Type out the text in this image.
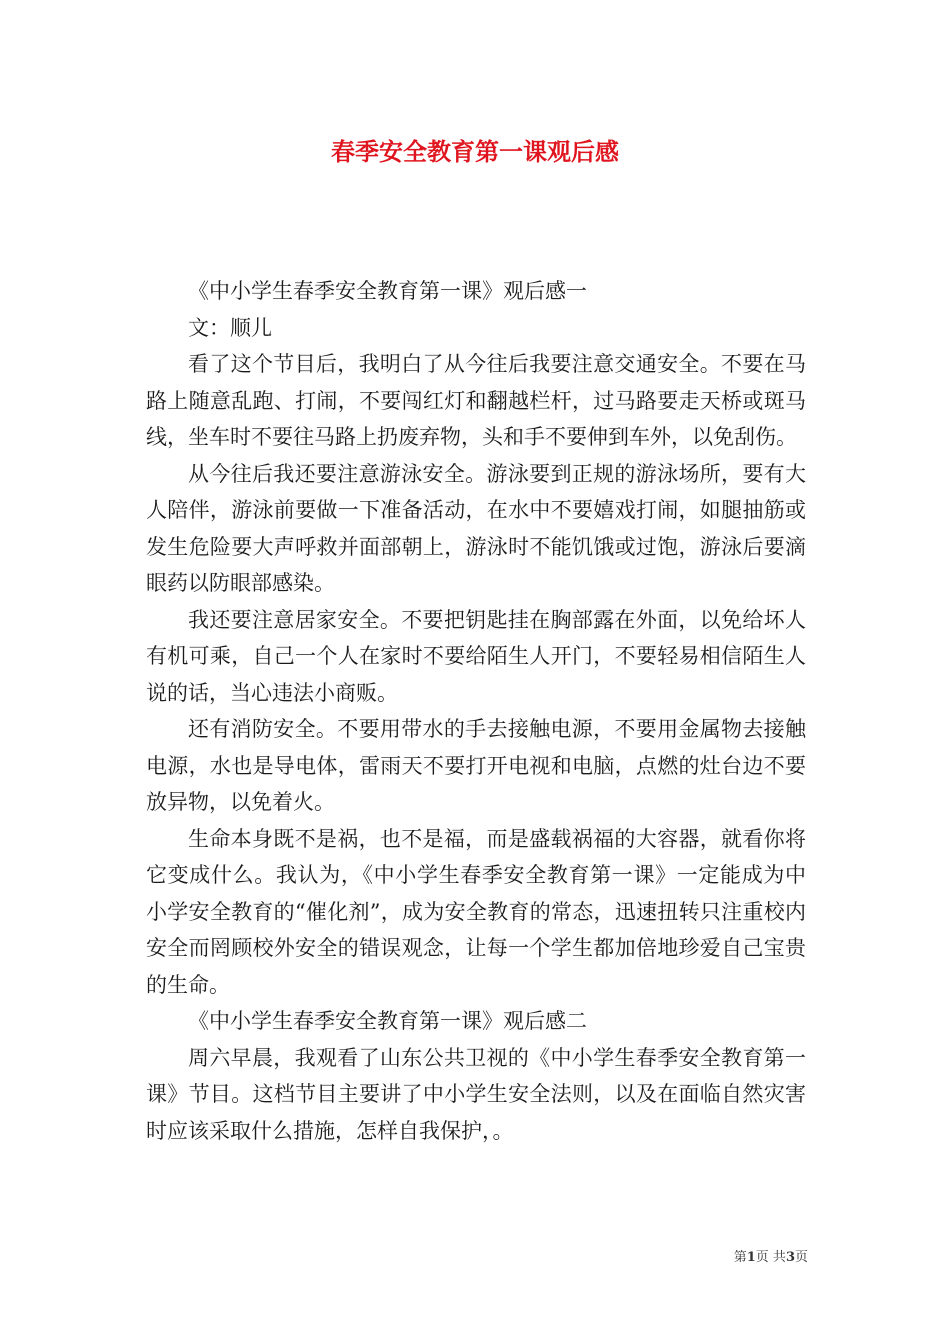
春季安全教育第一课观后感

《中小学生春季安全教育第一课》观后感一

文：顺儿

看了这个节目后，我明白了从今往后我要注意交通安全。不要在马路上随意乱跑、打闹，不要闯红灯和翻越栏杆，过马路要走天桥或斑马线，坐车时不要往马路上扔废弃物，头和手不要伸到车外，以免刮伤。

从今往后我还要注意游泳安全。游泳要到正规的游泳场所，要有大人陪伴，游泳前要做一下准备活动，在水中不要嬉戏打闹，如腿抽筋或发生危险要大声呼救并面部朝上，游泳时不能饥饿或过饱，游泳后要滴眼药以防眼部感染。

我还要注意居家安全。不要把钥匙挂在胸部露在外面，以免给坏人有机可乘，自己一个人在家时不要给陌生人开门，不要轻易相信陌生人说的话，当心违法小商贩。

还有消防安全。不要用带水的手去接触电源，不要用金属物去接触电源，水也是导电体，雷雨天不要打开电视和电脑，点燃的灶台边不要放异物，以免着火。

生命本身既不是祸，也不是福，而是盛载祸福的大容器，就看你将它变成什么。我认为，《中小学生春季安全教育第一课》一定能成为中小学安全教育的“催化剂”，成为安全教育的常态，迅速扭转只注重校内安全而罔顾校外安全的错误观念，让每一个学生都加倍地珍爱自己宝贵的生命。

《中小学生春季安全教育第一课》观后感二

周六早晨，我观看了山东公共卫视的《中小学生春季安全教育第一课》节目。这档节目主要讲了中小学生安全法则，以及在面临自然灾害时应该采取什么措施，怎样自我保护，。

第1页 共3页
